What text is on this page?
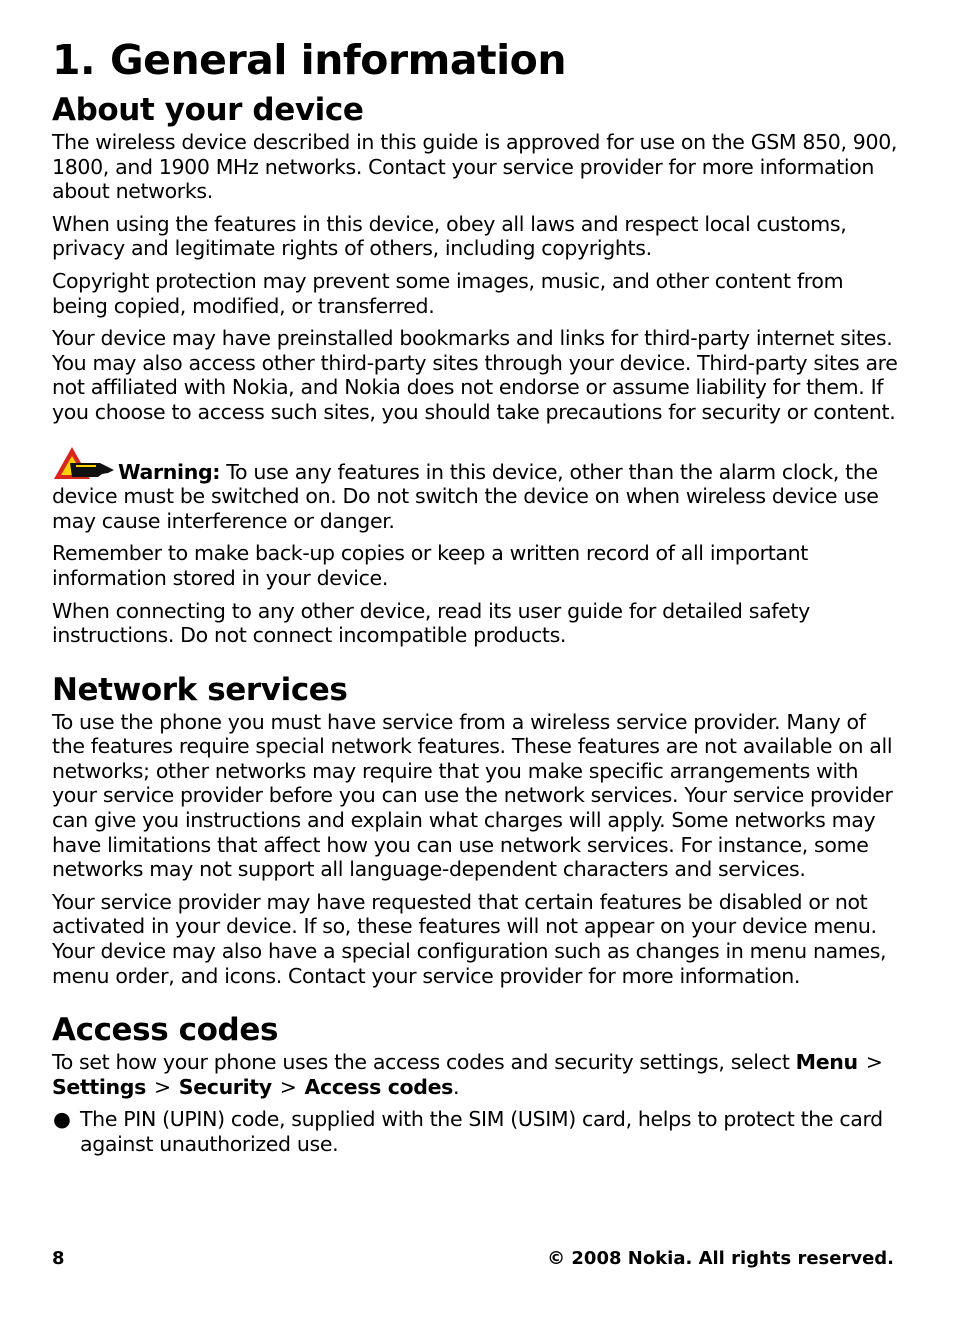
1. General information
About your device

The wireless device described in this guide is approved for use on the GSM 850, 900, 1800, and 1900 MHz networks. Contact your service provider for more information about networks.

When using the features in this device, obey all laws and respect local customs, privacy and legitimate rights of others, including copyrights.

Copyright protection may prevent some images, music, and other content from being copied, modified, or transferred.

Your device may have preinstalled bookmarks and links for third-party internet sites. You may also access other third-party sites through your device. Third-party sites are not affiliated with Nokia, and Nokia does not endorse or assume liability for them. If you choose to access such sites, you should take precautions for security or content.

Warning: To use any features in this device, other than the alarm clock, the device must be switched on. Do not switch the device on when wireless device use may cause interference or danger.

Remember to make back-up copies or keep a written record of all important information stored in your device.

When connecting to any other device, read its user guide for detailed safety instructions. Do not connect incompatible products.

Network services

To use the phone you must have service from a wireless service provider. Many of the features require special network features. These features are not available on all networks; other networks may require that you make specific arrangements with your service provider before you can use the network services. Your service provider can give you instructions and explain what charges will apply. Some networks may have limitations that affect how you can use network services. For instance, some networks may not support all language-dependent characters and services.

Your service provider may have requested that certain features be disabled or not activated in your device. If so, these features will not appear on your device menu. Your device may also have a special configuration such as changes in menu names, menu order, and icons. Contact your service provider for more information.

Access codes

To set how your phone uses the access codes and security settings, select Menu >
Settings > Security > Access codes.

● The PIN (UPIN) code, supplied with the SIM (USIM) card, helps to protect the card against unauthorized use.
8	© 2008 Nokia. All rights reserved.
